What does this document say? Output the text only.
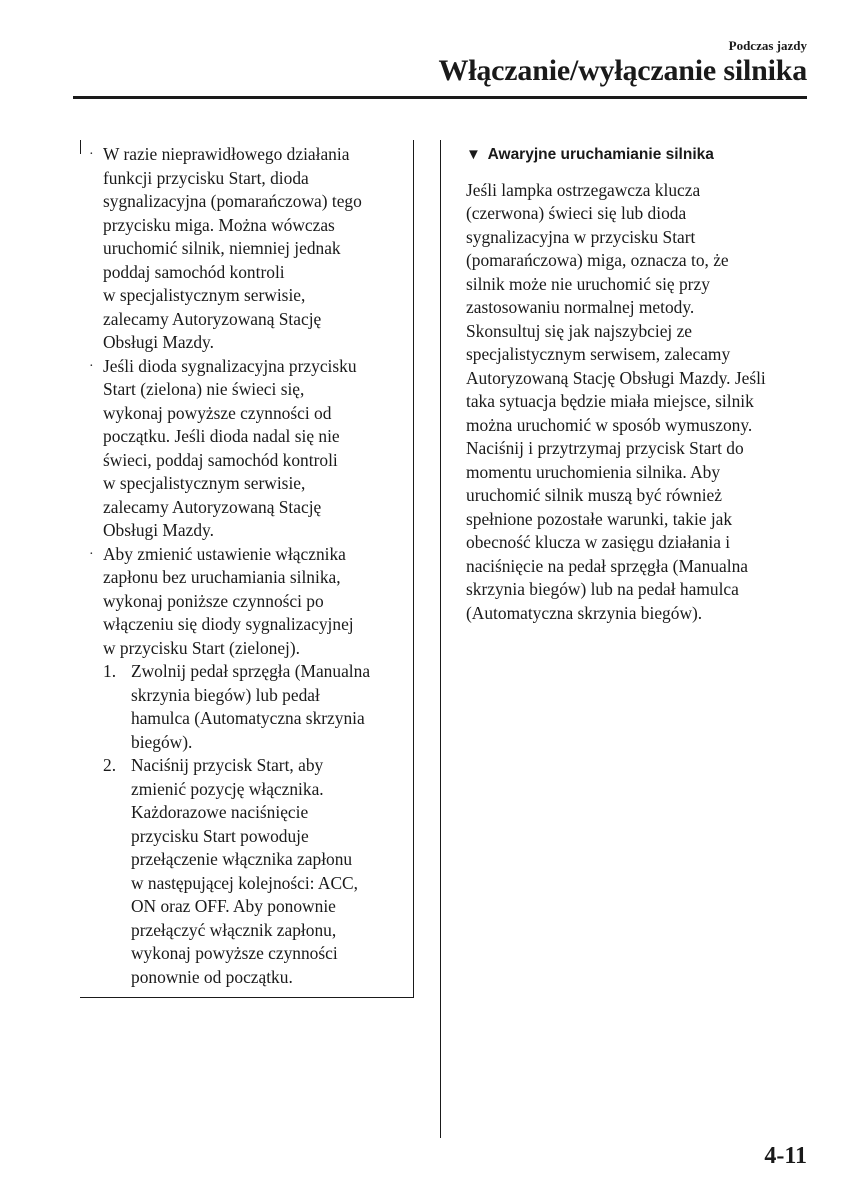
Podczas jazdy
Włączanie/wyłączanie silnika
· W razie nieprawidłowego działania
funkcji przycisku Start, dioda
sygnalizacyjna (pomarańczowa) tego
przycisku miga. Można wówczas
uruchomić silnik, niemniej jednak
poddaj samochód kontroli
w specjalistycznym serwisie,
zalecamy Autoryzowaną Stację
Obsługi Mazdy.
· Jeśli dioda sygnalizacyjna przycisku
Start (zielona) nie świeci się,
wykonaj powyższe czynności od
początku. Jeśli dioda nadal się nie
świeci, poddaj samochód kontroli
w specjalistycznym serwisie,
zalecamy Autoryzowaną Stację
Obsługi Mazdy.
· Aby zmienić ustawienie włącznika
zapłonu bez uruchamiania silnika,
wykonaj poniższe czynności po
włączeniu się diody sygnalizacyjnej
w przycisku Start (zielonej).
1. Zwolnij pedał sprzęgła (Manualna
skrzynia biegów) lub pedał
hamulca (Automatyczna skrzynia
biegów).
2. Naciśnij przycisk Start, aby
zmienić pozycję włącznika.
Każdorazowe naciśnięcie
przycisku Start powoduje
przełączenie włącznika zapłonu
w następującej kolejności: ACC,
ON oraz OFF. Aby ponownie
przełączyć włącznik zapłonu,
wykonaj powyższe czynności
ponownie od początku.
▼ Awaryjne uruchamianie silnika
Jeśli lampka ostrzegawcza klucza
(czerwona) świeci się lub dioda
sygnalizacyjna w przycisku Start
(pomarańczowa) miga, oznacza to, że
silnik może nie uruchomić się przy
zastosowaniu normalnej metody.
Skonsultuj się jak najszybciej ze
specjalistycznym serwisem, zalecamy
Autoryzowaną Stację Obsługi Mazdy. Jeśli
taka sytuacja będzie miała miejsce, silnik
można uruchomić w sposób wymuszony.
Naciśnij i przytrzymaj przycisk Start do
momentu uruchomienia silnika. Aby
uruchomić silnik muszą być również
spełnione pozostałe warunki, takie jak
obecność klucza w zasięgu działania i
naciśnięcie na pedał sprzęgła (Manualna
skrzynia biegów) lub na pedał hamulca
(Automatyczna skrzynia biegów).
4-11
